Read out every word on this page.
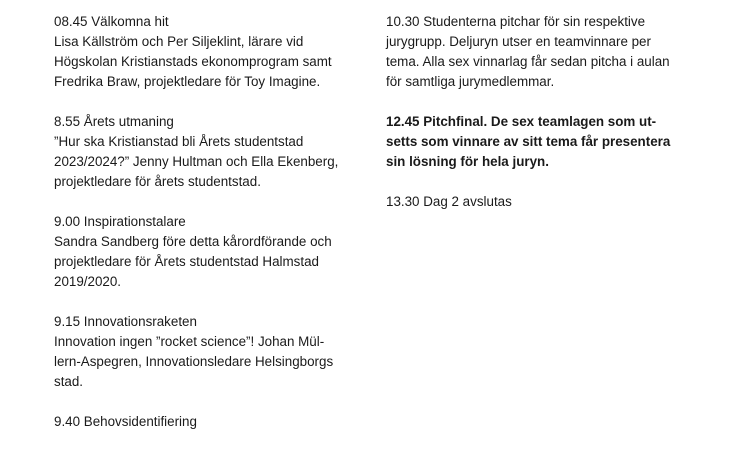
08.45 Välkomna hit
Lisa Källström och Per Siljeklint, lärare vid
Högskolan Kristianstads ekonomprogram samt
Fredrika Braw, projektledare för Toy Imagine.
8.55 Årets utmaning
”Hur ska Kristianstad bli Årets studentstad
2023/2024?” Jenny Hultman och Ella Ekenberg,
projektledare för årets studentstad.
9.00 Inspirationstalare
Sandra Sandberg före detta kårordförande och
projektledare för Årets studentstad Halmstad
2019/2020.
9.15 Innovationsraketen
Innovation ingen ”rocket science”! Johan Mül-
lern-Aspegren, Innovationsledare Helsingborgs
stad.
9.40 Behovsidentifiering
10.30 Studenterna pitchar för sin respektive
jurygrupp. Deljuryn utser en teamvinnare per
tema. Alla sex vinnarlag får sedan pitcha i aulan
för samtliga jurymedlemmar.
12.45 Pitchfinal. De sex teamlagen som ut-
setts som vinnare av sitt tema får presentera
sin lösning för hela juryn.
13.30 Dag 2 avslutas
